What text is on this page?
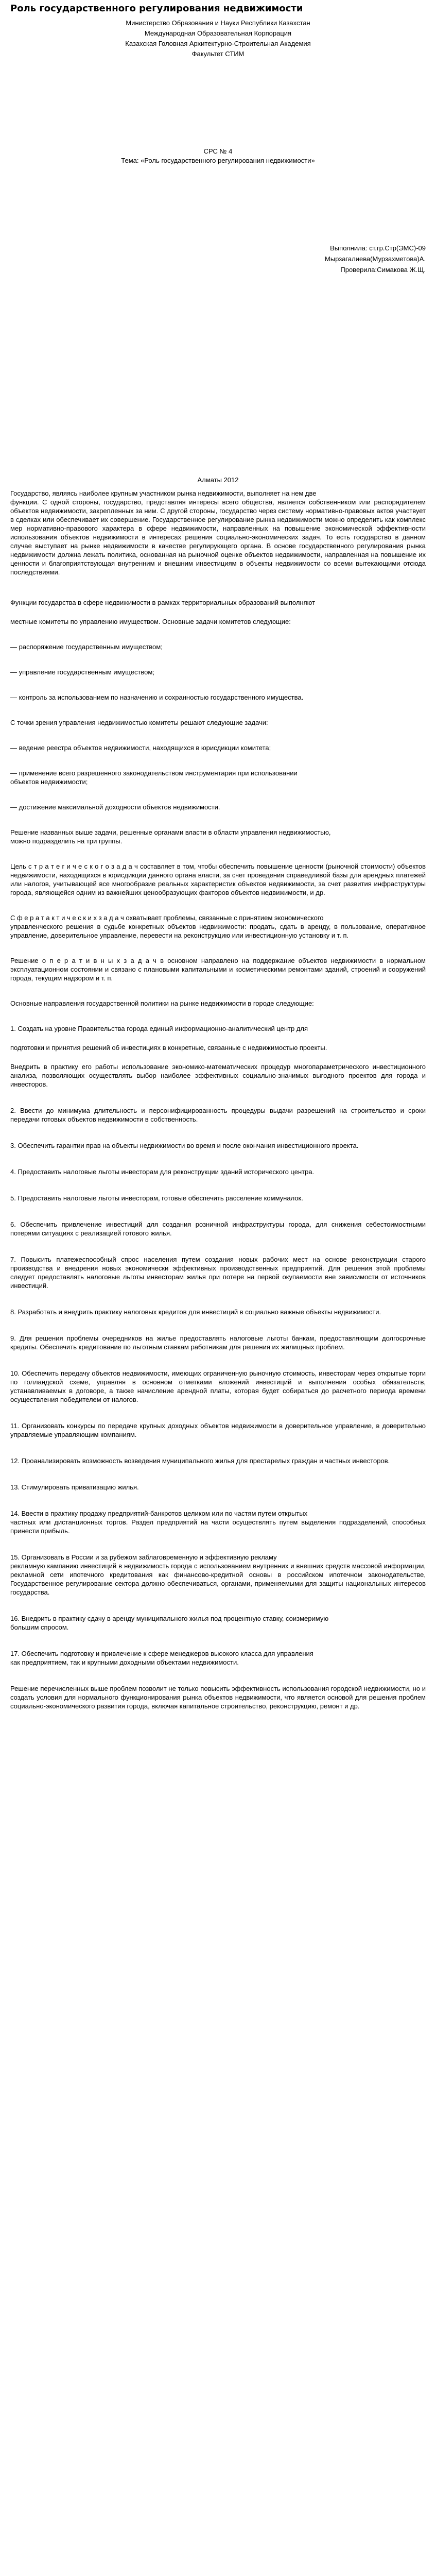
Роль государственного регулирования недвижимости
Министерство Образования и Науки Республики Казахстан
Международная Образовательная Корпорация
Казахская Головная Архитектурно-Строительная Академия
Факультет СТИМ
СРС № 4
Тема: «Роль государственного регулирования недвижимости»
Выполнила: ст.гр.Стр(ЭМС)-09
Мырзагалиева(Мурзахметова)А.
Проверила:Симакова Ж.Щ.
Алматы 2012

Государство, являясь наиболее крупным участником рынка недвижимости, выполняет на нем две

функции. С одной стороны, государство, представляя интересы всего общества, является собственником или распорядителем объектов недвижимости, закрепленных за ним. С другой стороны, государство через систему нормативно-правовых актов участвует в сделках или обеспечивает их совершение. Государственное регулирование рынка недвижимости можно определить как комплекс мер нормативно-правового характера в сфере недвижимости, направленных на повышение экономической эффективности использования объектов недвижимости в интересах решения социально-экономических задач. То есть государство в данном случае выступает на рынке недвижимости в качестве регулирующего органа. В основе государственного регулирования рынка недвижимости должна лежать политика, основанная на рыночной оценке объектов недвижимости, направленная на повышение их ценности и благоприятствующая внутренним и внешним инвестициям в объекты недвижимости со всеми вытекающими отсюда последствиями.

Функции государства в сфере недвижимости в рамках территориальных образований выполняют

местные комитеты по управлению имуществом. Основные задачи комитетов следующие:

— распоряжение государственным имуществом;

— управление государственным имуществом;

— контроль за использованием по назначению и сохранностью государственного имущества.

С точки зрения управления недвижимостью комитеты решают следующие задачи:

— ведение реестра объектов недвижимости, находящихся в юрисдикции комитета;

— применение всего разрешенного законодательством инструментария при использовании

объектов недвижимости;

— достижение максимальной доходности объектов недвижимости.

Решение названных выше задачи, решенные органами власти в области управления недвижимостью,

можно подразделить на три группы.

Цель с т р а т е г и ч е с к о г о з а д а ч составляет в том, чтобы обеспечить повышение ценности (рыночной стоимости) объектов недвижимости, находящихся в юрисдикции данного органа власти, за счет проведения справедливой базы для арендных платежей или налогов, учитывающей все многообразие реальных характеристик объектов недвижимости, за счет развития инфраструктуры города, являющейся одним из важнейших ценообразующих факторов объектов недвижимости, и др.

С ф е р а т а к т и ч е с к и х з а д а ч охватывает проблемы, связанные с принятием экономического

управленческого решения в судьбе конкретных объектов недвижимости: продать, сдать в аренду, в пользование, оперативное управление, доверительное управление, перевести на реконструкцию или инвестиционную установку и т. п.

Решение о п е р а т и в н ы х з а д а ч в основном направлено на поддержание объектов недвижимости в нормальном эксплуатационном состоянии и связано с плановыми капитальными и косметическими ремонтами зданий, строений и сооружений города, текущим надзором и т. п.

Основные направления государственной политики на рынке недвижимости в городе следующие:

1. Создать на уровне Правительства города единый информационно-аналитический центр для

подготовки и принятия решений об инвестициях в конкретные, связанные с недвижимостью проекты.

Внедрить в практику его работы использование экономико-математических процедур многопараметрического инвестиционного анализа, позволяющих осуществлять выбор наиболее эффективных социально-значимых выгодного проектов для города и инвесторов.

2. Ввести до минимума длительность и персонифицированность процедуры выдачи разрешений на строительство и сроки передачи готовых объектов недвижимости в собственность.

3. Обеспечить гарантии прав на объекты недвижимости во время и после окончания инвестиционного проекта.

4. Предоставить налоговые льготы инвесторам для реконструкции зданий исторического центра.

5. Предоставить налоговые льготы инвесторам, готовые обеспечить расселение коммуналок.

6. Обеспечить привлечение инвестиций для создания розничной инфраструктуры города, для снижения себестоимостными потерями ситуациях с реализацией готового жилья.

7. Повысить платежеспособный спрос населения путем создания новых рабочих мест на основе реконструкции старого производства и внедрения новых экономически эффективных производственных предприятий. Для решения этой проблемы следует предоставлять налоговые льготы инвесторам жилья при потере на первой окупаемости вне зависимости от источников инвестиций.

8. Разработать и внедрить практику налоговых кредитов для инвестиций в социально важные объекты недвижимости.

9. Для решения проблемы очередников на жилье предоставлять налоговые льготы банкам, предоставляющим долгосрочные кредиты. Обеспечить кредитование по льготным ставкам работникам для решения их жилищных проблем.

10. Обеспечить передачу объектов недвижимости, имеющих ограниченную рыночную стоимость, инвесторам через открытые торги по голландской схеме, управляя в основном отметками вложений инвестиций и выполнения особых обязательств, устанавливаемых в договоре, а также начисление арендной платы, которая будет собираться до расчетного периода времени осуществления победителем от налогов.

11. Организовать конкурсы по передаче крупных доходных объектов недвижимости в доверительное управление, в доверительно управляемые управляющим компаниям.

12. Проанализировать возможность возведения муниципального жилья для престарелых граждан и частных инвесторов.

13. Стимулировать приватизацию жилья.

14. Ввести в практику продажу предприятий-банкротов целиком или по частям путем открытых

частных или дистанционных торгов. Раздел предприятий на части осуществлять путем выделения подразделений, способных принести прибыль.

15. Организовать в России и за рубежом заблаговременную и эффективную рекламу

рекламную кампанию инвестиций в недвижимость города с использованием внутренних и внешних средств массовой информации, рекламной сети ипотечного кредитования как финансово-кредитной основы в российском ипотечном законодательстве, Государственное регулирование сектора должно обеспечиваться, органами, применяемыми для защиты национальных интересов государства.

16. Внедрить в практику сдачу в аренду муниципального жилья под процентную ставку, соизмеримую

большим спросом.

17. Обеспечить подготовку и привлечение к сфере менеджеров высокого класса для управления

как предприятием, так и крупными доходными объектами недвижимости.

Решение перечисленных выше проблем позволит не только повысить эффективность использования городской недвижимости, но и создать условия для нормального функционирования рынка объектов недвижимости, что является основой для решения проблем социально-экономического развития города, включая капитальное строительство, реконструкцию, ремонт и др.
